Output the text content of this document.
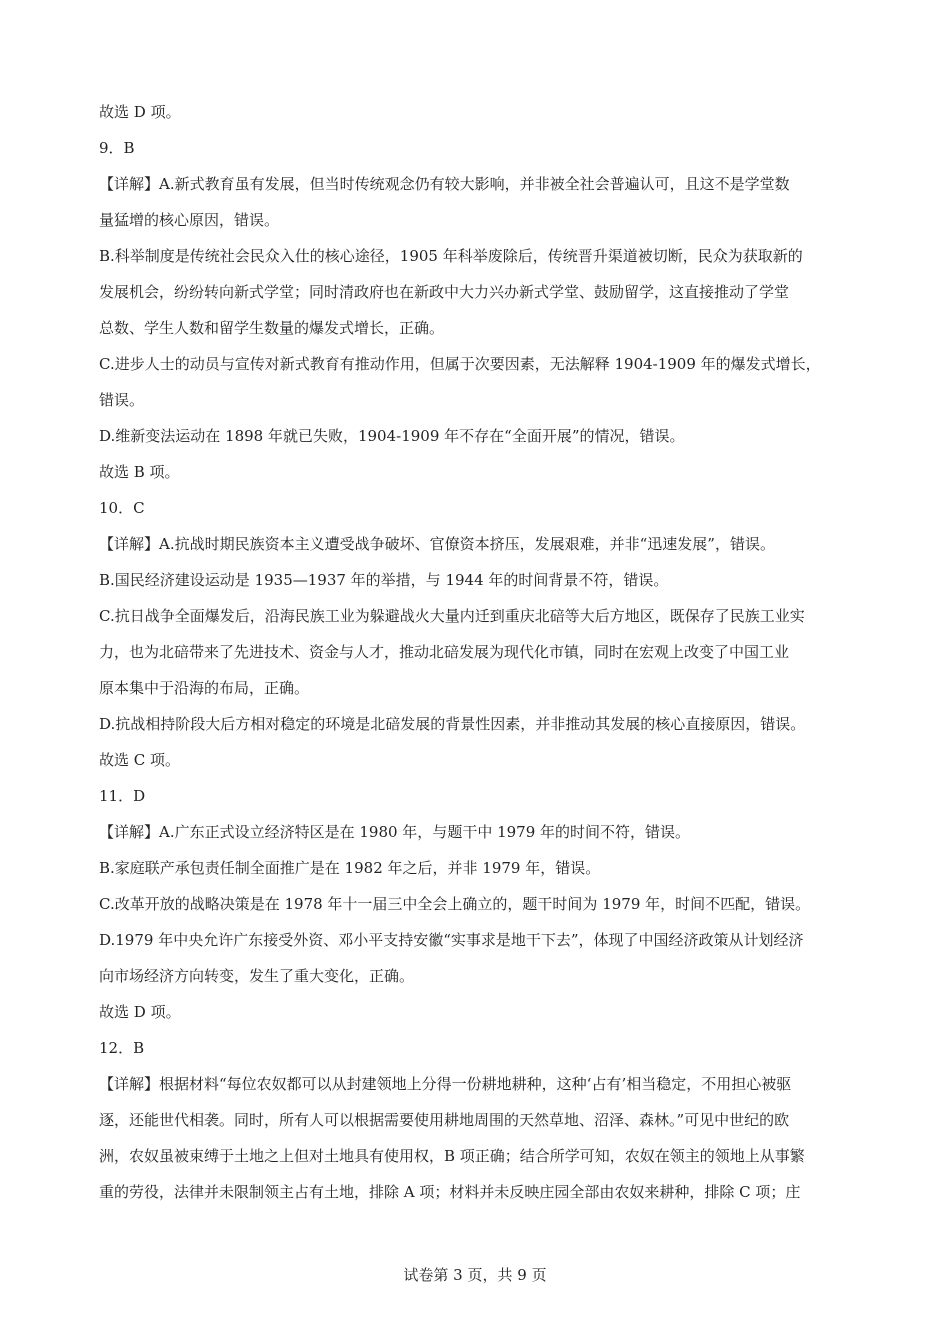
故选 D 项。
9．B
【详解】A.新式教育虽有发展，但当时传统观念仍有较大影响，并非被全社会普遍认可，且这不是学堂数
量猛增的核心原因，错误。
B.科举制度是传统社会民众入仕的核心途径，1905 年科举废除后，传统晋升渠道被切断，民众为获取新的
发展机会，纷纷转向新式学堂；同时清政府也在新政中大力兴办新式学堂、鼓励留学，这直接推动了学堂
总数、学生人数和留学生数量的爆发式增长，正确。
C.进步人士的动员与宣传对新式教育有推动作用，但属于次要因素，无法解释 1904-1909 年的爆发式增长，
错误。
D.维新变法运动在 1898 年就已失败，1904-1909 年不存在“全面开展”的情况，错误。
故选 B 项。
10．C
【详解】A.抗战时期民族资本主义遭受战争破坏、官僚资本挤压，发展艰难，并非“迅速发展”，错误。
B.国民经济建设运动是 1935—1937 年的举措，与 1944 年的时间背景不符，错误。
C.抗日战争全面爆发后，沿海民族工业为躲避战火大量内迁到重庆北碚等大后方地区，既保存了民族工业实
力，也为北碚带来了先进技术、资金与人才，推动北碚发展为现代化市镇，同时在宏观上改变了中国工业
原本集中于沿海的布局，正确。
D.抗战相持阶段大后方相对稳定的环境是北碚发展的背景性因素，并非推动其发展的核心直接原因，错误。
故选 C 项。
11．D
【详解】A.广东正式设立经济特区是在 1980 年，与题干中 1979 年的时间不符，错误。
B.家庭联产承包责任制全面推广是在 1982 年之后，并非 1979 年，错误。
C.改革开放的战略决策是在 1978 年十一届三中全会上确立的，题干时间为 1979 年，时间不匹配，错误。
D.1979 年中央允许广东接受外资、邓小平支持安徽“实事求是地干下去”，体现了中国经济政策从计划经济
向市场经济方向转变，发生了重大变化，正确。
故选 D 项。
12．B
【详解】根据材料“每位农奴都可以从封建领地上分得一份耕地耕种，这种‘占有’相当稳定，不用担心被驱
逐，还能世代相袭。同时，所有人可以根据需要使用耕地周围的天然草地、沼泽、森林。”可见中世纪的欧
洲，农奴虽被束缚于土地之上但对土地具有使用权，B 项正确；结合所学可知，农奴在领主的领地上从事繁
重的劳役，法律并未限制领主占有土地，排除 A 项；材料并未反映庄园全部由农奴来耕种，排除 C 项；庄
试卷第 3 页，共 9 页
